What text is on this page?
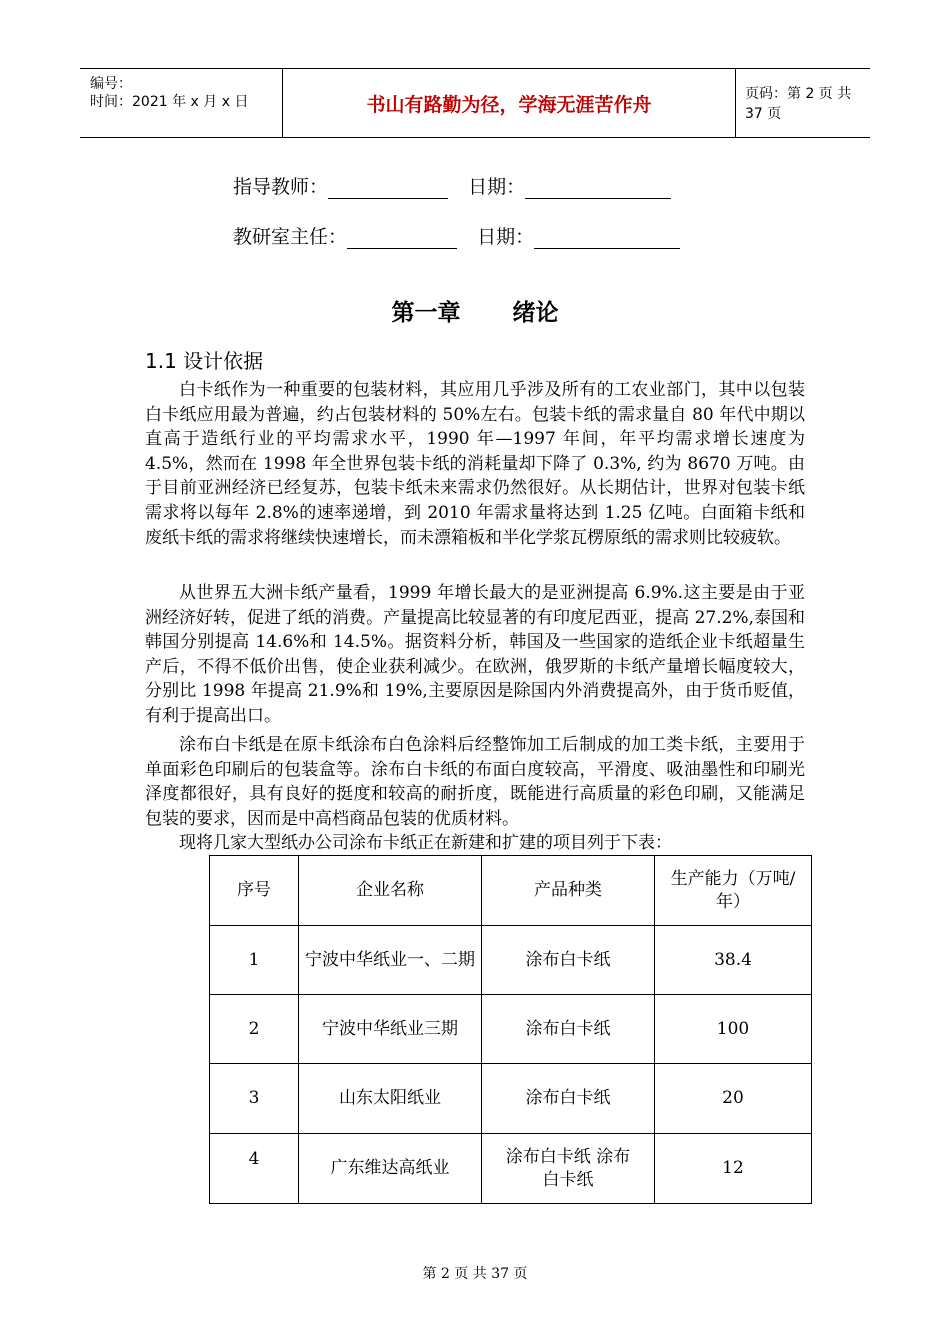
编号：
时间：2021 年 x 月 x 日	书山有路勤为径，学海无涯苦作舟	页码：第 2 页 共 37 页
指导教师：	日期：
教研室主任：	日期：
第一章 绪论
1.1 设计依据

白卡纸作为一种重要的包装材料，其应用几乎涉及所有的工农业部门，其中以包装白卡纸应用最为普遍，约占包装材料的 50%左右。包装卡纸的需求量自 80 年代中期以直高于造纸行业的平均需求水平，1990 年—1997 年间，年平均需求增长速度为 4.5%，然而在 1998 年全世界包装卡纸的消耗量却下降了 0.3%, 约为 8670 万吨。由于目前亚洲经济已经复苏，包装卡纸未来需求仍然很好。从长期估计，世界对包装卡纸需求将以每年 2.8%的速率递增，到 2010 年需求量将达到 1.25 亿吨。白面箱卡纸和废纸卡纸的需求将继续快速增长，而未漂箱板和半化学浆瓦楞原纸的需求则比较疲软。

从世界五大洲卡纸产量看，1999 年增长最大的是亚洲提高 6.9%.这主要是由于亚洲经济好转，促进了纸的消费。产量提高比较显著的有印度尼西亚，提高 27.2%,泰国和韩国分别提高 14.6%和 14.5%。据资料分析，韩国及一些国家的造纸企业卡纸超量生产后，不得不低价出售，使企业获利减少。在欧洲，俄罗斯的卡纸产量增长幅度较大，分别比 1998 年提高 21.9%和 19%,主要原因是除国内外消费提高外，由于货币贬值，有利于提高出口。

涂布白卡纸是在原卡纸涂布白色涂料后经整饰加工后制成的加工类卡纸，主要用于单面彩色印刷后的包装盒等。涂布白卡纸的布面白度较高，平滑度、吸油墨性和印刷光泽度都很好，具有良好的挺度和较高的耐折度，既能进行高质量的彩色印刷，又能满足包装的要求，因而是中高档商品包装的优质材料。

现将几家大型纸办公司涂布卡纸正在新建和扩建的项目列于下表：

序号	企业名称	产品种类	生产能力（万吨/年）
1	宁波中华纸业一、二期	涂布白卡纸	38.4
2	宁波中华纸业三期	涂布白卡纸	100
3	山东太阳纸业	涂布白卡纸	20
4	广东维达高纸业	涂布白卡纸 涂布白卡纸	12
第 2 页 共 37 页
